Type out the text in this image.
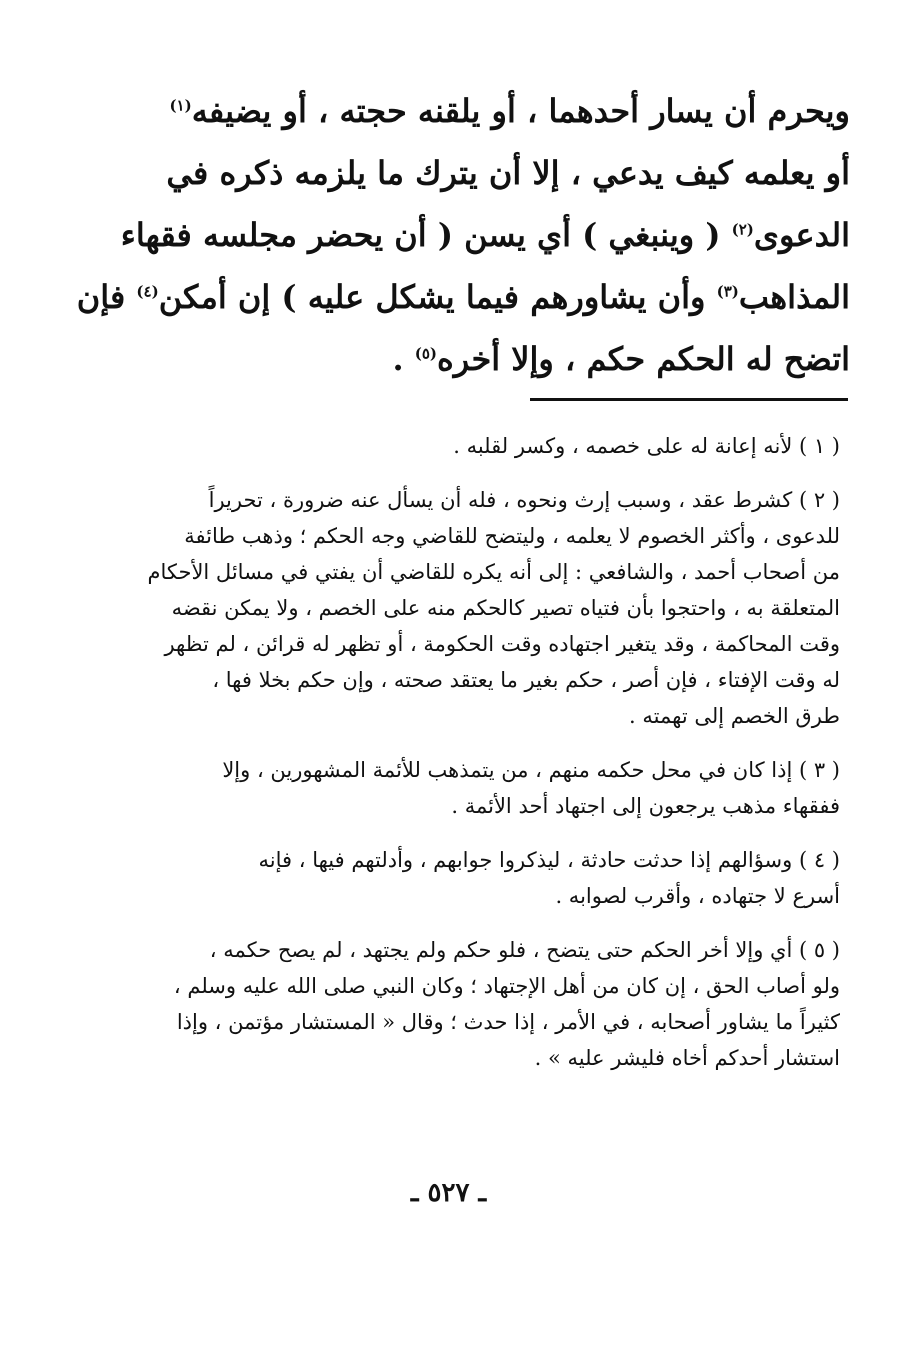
ويحرم أن يسار أحدهما ، أو يلقنه حجته ، أو يضيفه$^{(١)}$
أو يعلمه كيف يدعي ، إلا أن يترك ما يلزمه ذكره في
الدعوى$^{(٢)}$ ( وينبغي ) أي يسن ( أن يحضر مجلسه فقهاء
المذاهب$^{(٣)}$ وأن يشاورهم فيما يشكل عليه ) إن أمكن$^{(٤)}$ فإن
اتضح له الحكم حكم ، وإلا أخره$^{(٥)}$ .
( ١ ) لأنه إعانة له على خصمه ، وكسر لقلبه .
( ٢ ) كشرط عقد ، وسبب إرث ونحوه ، فله أن يسأل عنه ضرورة ، تحريراً
للدعوى ، وأكثر الخصوم لا يعلمه ، وليتضح للقاضي وجه الحكم ؛ وذهب طائفة
من أصحاب أحمد ، والشافعي : إلى أنه يكره للقاضي أن يفتي في مسائل الأحكام
المتعلقة به ، واحتجوا بأن فتياه تصير كالحكم منه على الخصم ، ولا يمكن نقضه
وقت المحاكمة ، وقد يتغير اجتهاده وقت الحكومة ، أو تظهر له قرائن ، لم تظهر
له وقت الإفتاء ، فإن أصر ، حكم بغير ما يعتقد صحته ، وإن حكم بخلا فها ،
طرق الخصم إلى تهمته .
( ٣ ) إذا كان في محل حكمه منهم ، من يتمذهب للأئمة المشهورين ، وإلا
ففقهاء مذهب يرجعون إلى اجتهاد أحد الأئمة .
( ٤ ) وسؤالهم إذا حدثت حادثة ، ليذكروا جوابهم ، وأدلتهم فيها ، فإنه
أسرع لا جتهاده ، وأقرب لصوابه .
( ٥ ) أي وإلا أخر الحكم حتى يتضح ، فلو حكم ولم يجتهد ، لم يصح حكمه ،
ولو أصاب الحق ، إن كان من أهل الإجتهاد ؛ وكان النبي صلى الله عليه وسلم ،
كثيراً ما يشاور أصحابه ، في الأمر ، إذا حدث ؛ وقال « المستشار مؤتمن ، وإذا
استشار أحدكم أخاه فليشر عليه » .
ـ ٥٢٧ ـ
